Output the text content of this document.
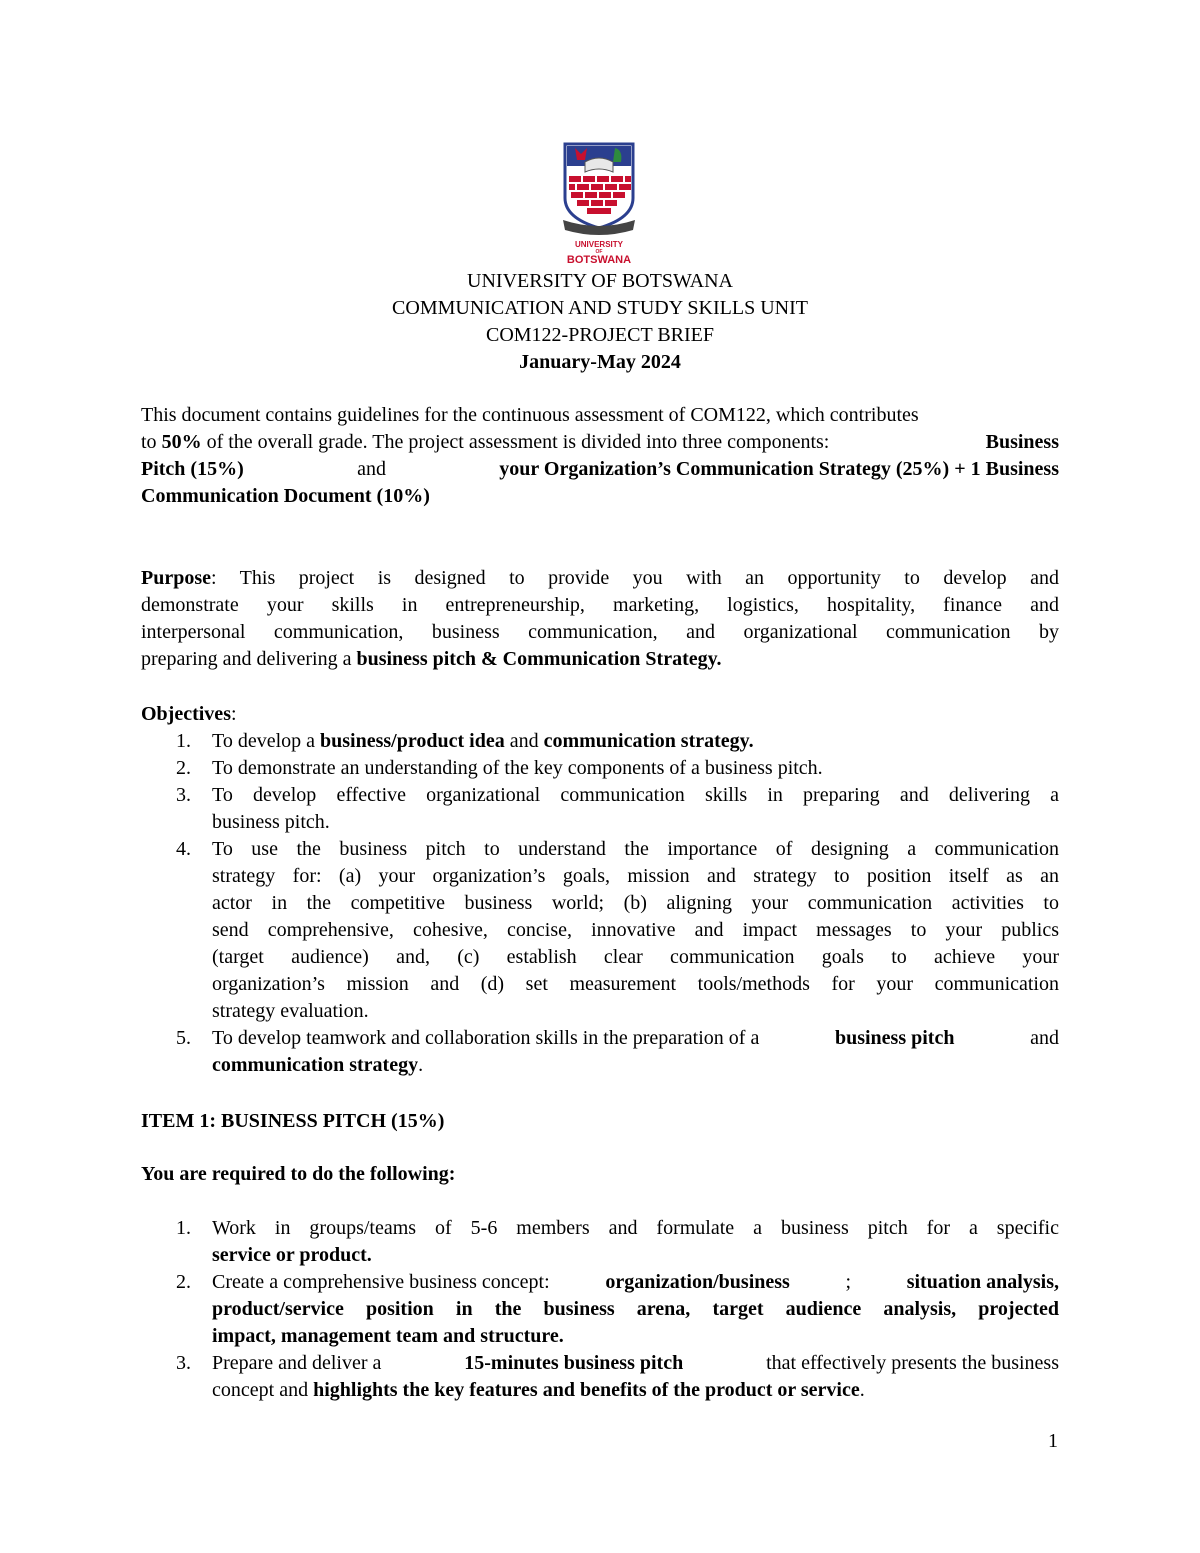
UNIVERSITY
OF
BOTSWANA
UNIVERSITY OF BOTSWANA
COMMUNICATION AND STUDY SKILLS UNIT
COM122-PROJECT BRIEF
January-May 2024
This document contains guidelines for the continuous assessment of COM122, which contributes
to 50% of the overall grade. The project assessment is divided into three components:	Business
Pitch (15%)	and	your Organization’s Communication Strategy (25%) + 1 Business
Communication Document (10%)
Purpose : This project is designed to provide you with an opportunity to develop and
demonstrate your skills in entrepreneurship, marketing, logistics, hospitality, finance and
interpersonal communication, business communication, and organizational communication by
preparing and delivering a business pitch & Communication Strategy.
Objectives:
1. To develop a business/product idea and communication strategy.
2. To demonstrate an understanding of the key components of a business pitch.
3. To develop effective organizational communication skills in preparing and delivering a
business pitch.
4. To use the business pitch to understand the importance of designing a communication
strategy for: (a) your organization’s goals, mission and strategy to position itself as an
actor in the competitive business world; (b) aligning your communication activities to
send comprehensive, cohesive, concise, innovative and impact messages to your publics
(target audience) and, (c) establish clear communication goals to achieve your
organization’s mission and (d) set measurement tools/methods for your communication
strategy evaluation.
5. To develop teamwork and collaboration skills in the preparation of a	business pitch	and
communication strategy.
ITEM 1: BUSINESS PITCH (15%)
You are required to do the following:
1. Work in groups/teams of 5-6 members and formulate a business pitch for a specific
service or product.
2. Create a comprehensive business concept:	organization/business	;	situation analysis,
product/service position in the business arena, target audience analysis, projected
impact, management team and structure.
3. Prepare and deliver a	15-minutes business pitch	that effectively presents the business
concept and highlights the key features and benefits of the product or service.
1
